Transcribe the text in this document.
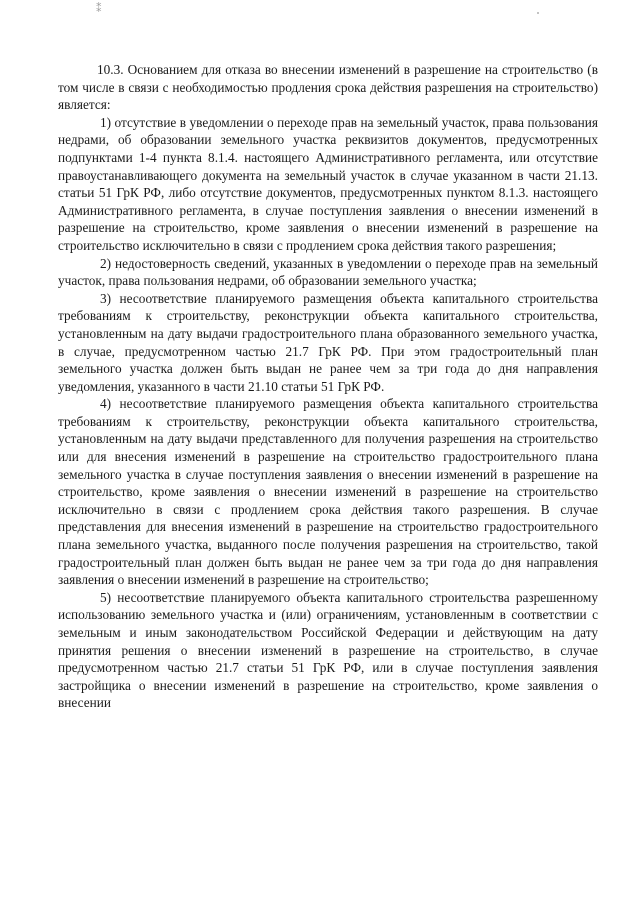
⁑

10.3. Основанием для отказа во внесении изменений в разрешение на строительство (в том числе в связи с необходимостью продления срока действия разрешения на строительство) является:

1) отсутствие в уведомлении о переходе прав на земельный участок, права пользования недрами, об образовании земельного участка реквизитов документов, предусмотренных подпунктами 1-4 пункта 8.1.4. настоящего Административного регламента, или отсутствие правоустанавливающего документа на земельный участок в случае указанном в части 21.13. статьи 51 ГрК РФ, либо отсутствие документов, предусмотренных пунктом 8.1.3. настоящего Административного регламента, в случае поступления заявления о внесении изменений в разрешение на строительство, кроме заявления о внесении изменений в разрешение на строительство исключительно в связи с продлением срока действия такого разрешения;

2) недостоверность сведений, указанных в уведомлении о переходе прав на земельный участок, права пользования недрами, об образовании земельного участка;

3) несоответствие планируемого размещения объекта капитального строительства требованиям к строительству, реконструкции объекта капитального строительства, установленным на дату выдачи градостроительного плана образованного земельного участка, в случае, предусмотренном частью 21.7 ГрК РФ. При этом градостроительный план земельного участка должен быть выдан не ранее чем за три года до дня направления уведомления, указанного в части 21.10 статьи 51 ГрК РФ.

4) несоответствие планируемого размещения объекта капитального строительства требованиям к строительству, реконструкции объекта капитального строительства, установленным на дату выдачи представленного для получения разрешения на строительство или для внесения изменений в разрешение на строительство градостроительного плана земельного участка в случае поступления заявления о внесении изменений в разрешение на строительство, кроме заявления о внесении изменений в разрешение на строительство исключительно в связи с продлением срока действия такого разрешения. В случае представления для внесения изменений в разрешение на строительство градостроительного плана земельного участка, выданного после получения разрешения на строительство, такой градостроительный план должен быть выдан не ранее чем за три года до дня направления заявления о внесении изменений в разрешение на строительство;

5) несоответствие планируемого объекта капитального строительства разрешенному использованию земельного участка и (или) ограничениям, установленным в соответствии с земельным и иным законодательством Российской Федерации и действующим на дату принятия решения о внесении изменений в разрешение на строительство, в случае предусмотренном частью 21.7 статьи 51 ГрК РФ, или в случае поступления заявления застройщика о внесении изменений в разрешение на строительство, кроме заявления о внесении
